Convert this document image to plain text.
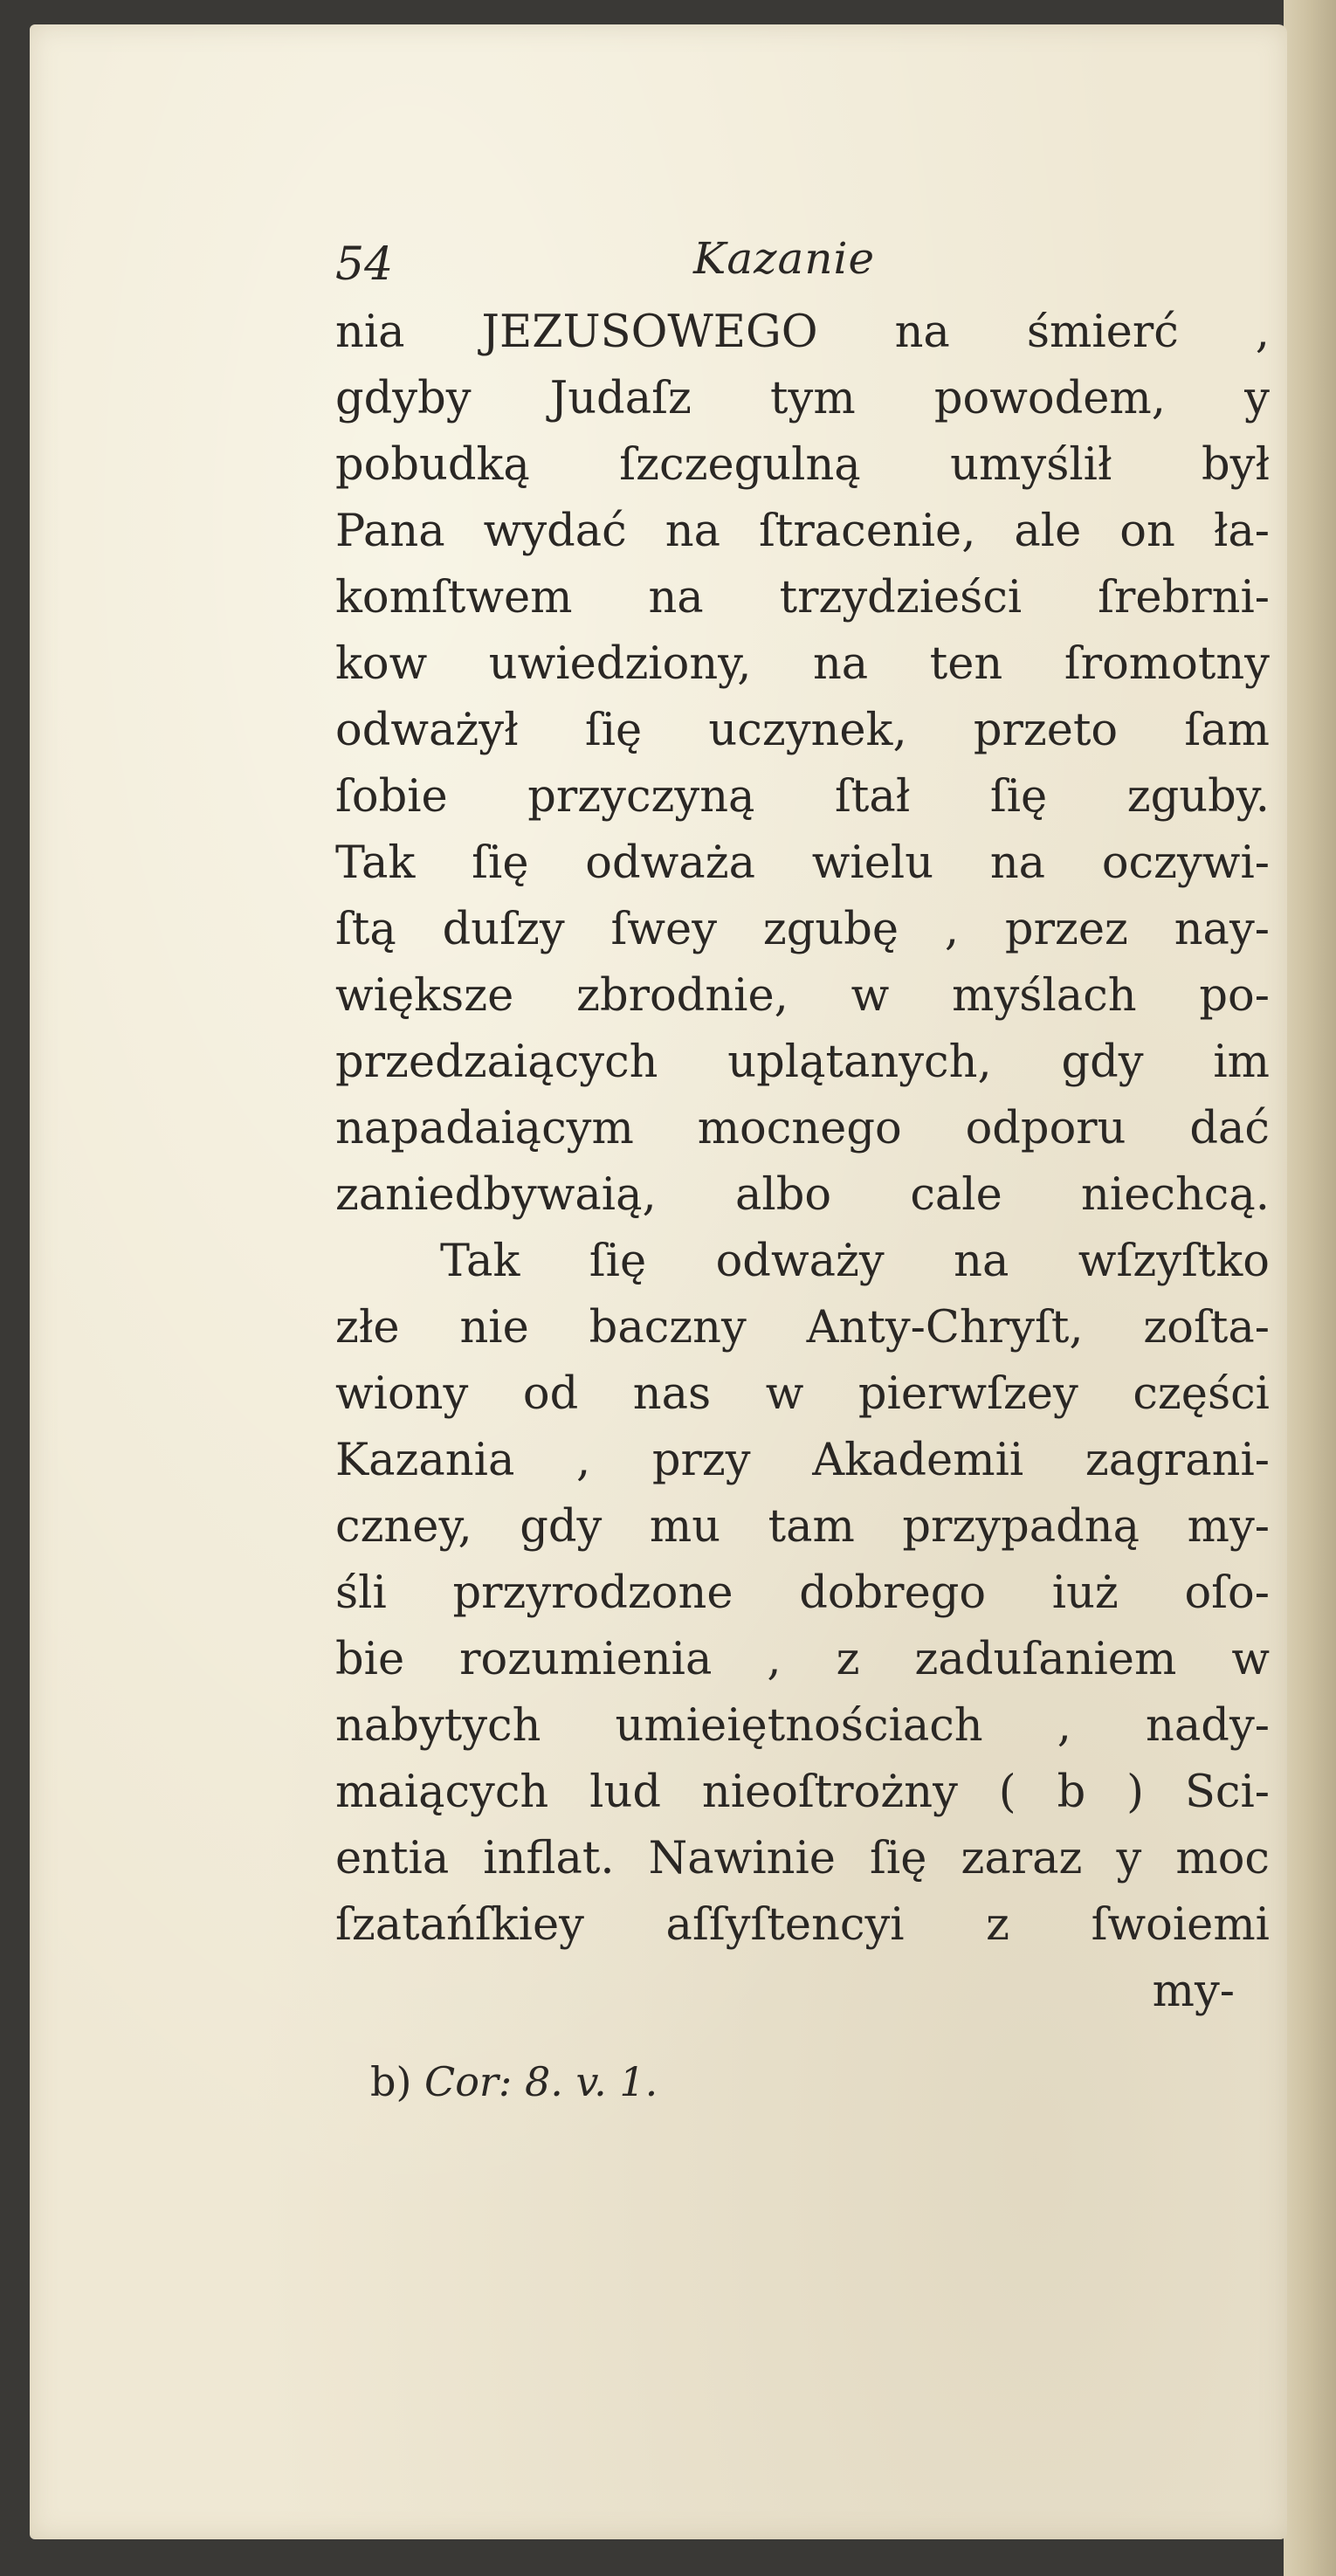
54	Kazanie
nia JEZUSOWEGO na śmierć ,
gdyby Judaſz tym powodem, y
pobudką ſzczegulną umyślił był
Pana wydać na ſtracenie, ale on ła-
komſtwem na trzydzieści ſrebrni-
kow uwiedziony, na ten ſromotny
odważył ſię uczynek, przeto ſam
ſobie przyczyną ſtał ſię zguby.
Tak ſię odważa wielu na oczywi-
ſtą duſzy ſwey zgubę , przez nay-
większe zbrodnie, w myślach po-
przedzaiących uplątanych, gdy im
napadaiącym mocnego odporu dać
zaniedbywaią, albo cale niechcą.
Tak ſię odważy na wſzyſtko
złe nie baczny Anty-Chryſt, zoſta-
wiony od nas w pierwſzey części
Kazania , przy Akademii zagrani-
czney, gdy mu tam przypadną my-
śli przyrodzone dobrego iuż oſo-
bie rozumienia , z zaduſaniem w
nabytych umieiętnościach , nady-
maiących lud nieoſtrożny ( b ) Sci-
entia inflat. Nawinie ſię zaraz y moc
ſzatańſkiey aſſyſtencyi z ſwoiemi
my-
b) Cor: 8. v. 1.
